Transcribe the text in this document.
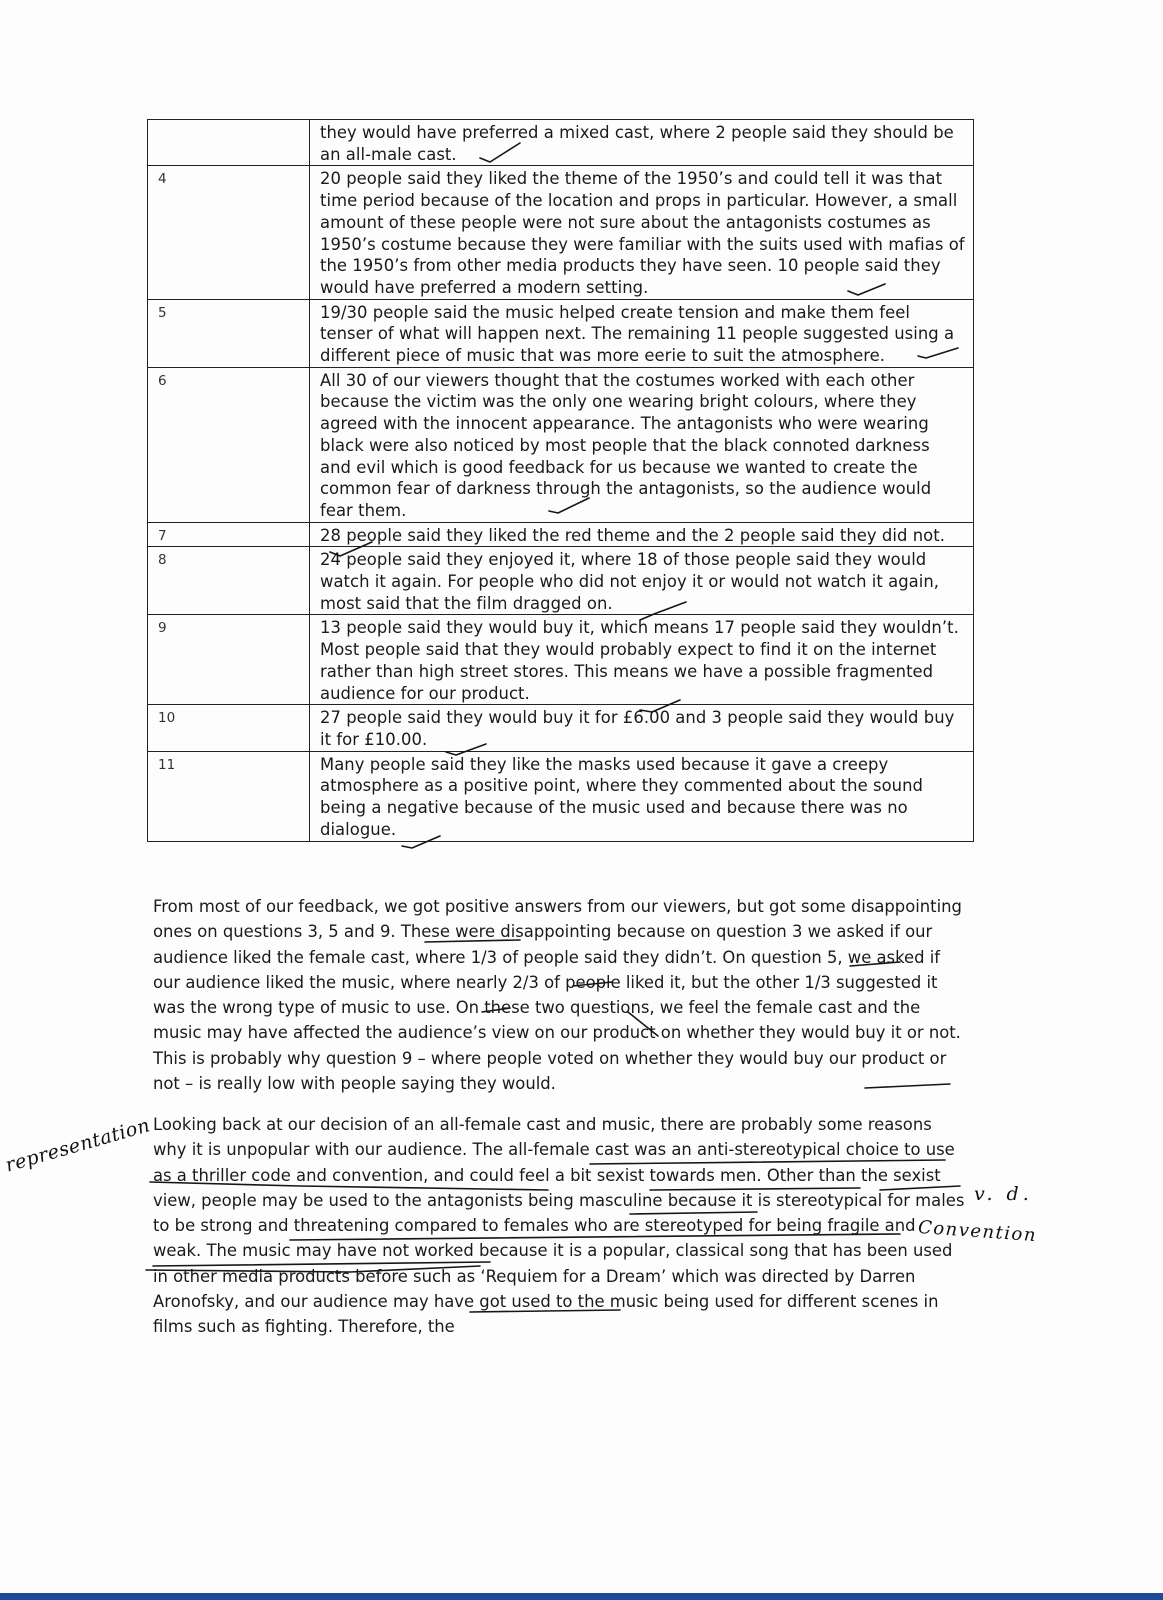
	they would have preferred a mixed cast, where 2 people said they should be an all-male cast.
4	20 people said they liked the theme of the 1950’s and could tell it was that time period because of the location and props in particular. However, a small amount of these people were not sure about the antagonists costumes as 1950’s costume because they were familiar with the suits used with mafias of the 1950’s from other media products they have seen. 10 people said they would have preferred a modern setting.
5	19/30 people said the music helped create tension and make them feel tenser of what will happen next. The remaining 11 people suggested using a different piece of music that was more eerie to suit the atmosphere.
6	All 30 of our viewers thought that the costumes worked with each other because the victim was the only one wearing bright colours, where they agreed with the innocent appearance. The antagonists who were wearing black were also noticed by most people that the black connoted darkness and evil which is good feedback for us because we wanted to create the common fear of darkness through the antagonists, so the audience would fear them.
7	28 people said they liked the red theme and the 2 people said they did not.
8	24 people said they enjoyed it, where 18 of those people said they would watch it again. For people who did not enjoy it or would not watch it again, most said that the film dragged on.
9	13 people said they would buy it, which means 17 people said they wouldn’t. Most people said that they would probably expect to find it on the internet rather than high street stores. This means we have a possible fragmented audience for our product.
10	27 people said they would buy it for £6.00 and 3 people said they would buy it for £10.00.
11	Many people said they like the masks used because it gave a creepy atmosphere as a positive point, where they commented about the sound being a negative because of the music used and because there was no dialogue.

From most of our feedback, we got positive answers from our viewers, but got some disappointing ones on questions 3, 5 and 9. These were disappointing because on question 3 we asked if our audience liked the female cast, where 1/3 of people said they didn’t. On question 5, we asked if our audience liked the music, where nearly 2/3 of people liked it, but the other 1/3 suggested it was the wrong type of music to use. On these two questions, we feel the female cast and the music may have affected the audience’s view on our product on whether they would buy it or not. This is probably why question 9 – where people voted on whether they would buy our product or not – is really low with people saying they would.

Looking back at our decision of an all-female cast and music, there are probably some reasons why it is unpopular with our audience. The all-female cast was an anti-stereotypical choice to use as a thriller code and convention, and could feel a bit sexist towards men. Other than the sexist view, people may be used to the antagonists being masculine because it is stereotypical for males to be strong and threatening compared to females who are stereotyped for being fragile and weak. The music may have not worked because it is a popular, classical song that has been used in other media products before such as ‘Requiem for a Dream’ which was directed by Darren Aronofsky, and our audience may have got used to the music being used for different scenes in films such as fighting. Therefore, the

representation
v. d.
Convention
